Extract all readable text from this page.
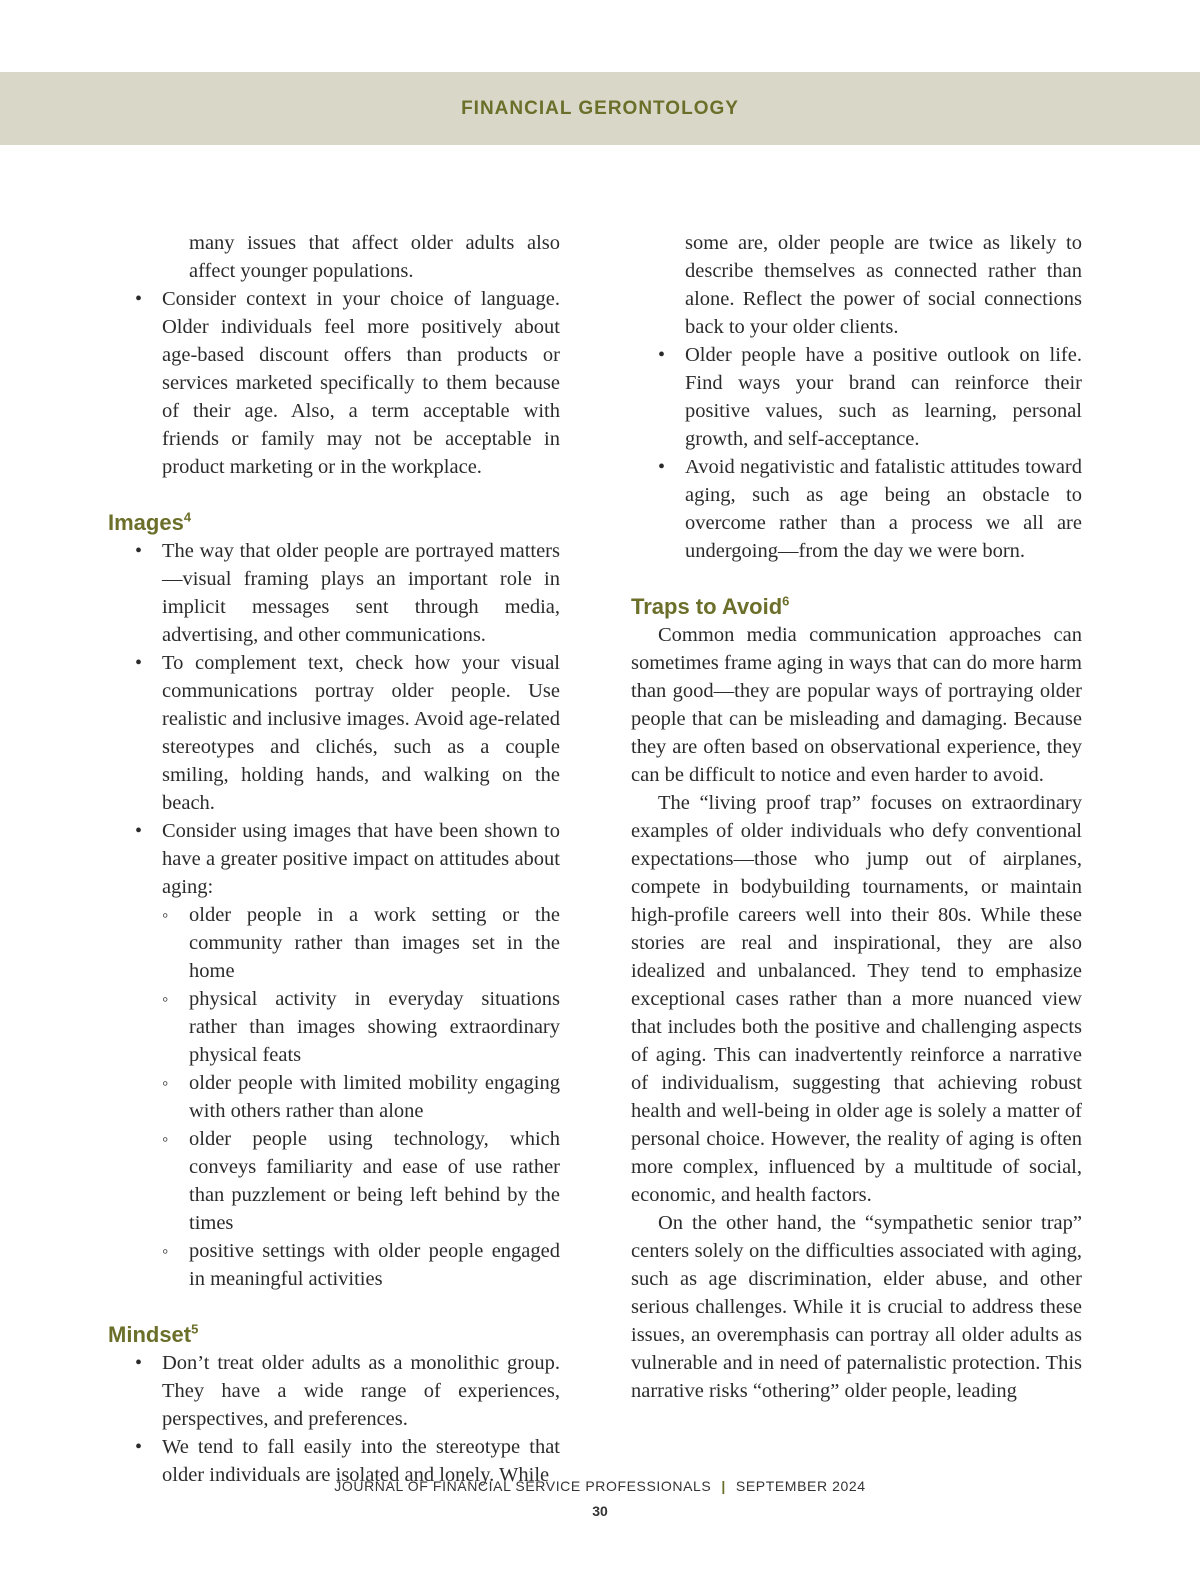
FINANCIAL GERONTOLOGY

many issues that affect older adults also affect younger populations.

• Consider context in your choice of language. Older individuals feel more positively about age-based discount offers than products or services marketed specifically to them because of their age. Also, a term acceptable with friends or family may not be acceptable in product marketing or in the workplace.
Images$^4$
• The way that older people are portrayed matters—visual framing plays an important role in implicit messages sent through media, advertising, and other communications.
• To complement text, check how your visual communications portray older people. Use realistic and inclusive images. Avoid age-related stereotypes and clichés, such as a couple smiling, holding hands, and walking on the beach.
• Consider using images that have been shown to have a greater positive impact on attitudes about aging:
◦ older people in a work setting or the community rather than images set in the home
◦ physical activity in everyday situations rather than images showing extraordinary physical feats
◦ older people with limited mobility engaging with others rather than alone
◦ older people using technology, which conveys familiarity and ease of use rather than puzzlement or being left behind by the times
◦ positive settings with older people engaged in meaningful activities
Mindset$^5$
• Don’t treat older adults as a monolithic group. They have a wide range of experiences, perspectives, and preferences.
• We tend to fall easily into the stereotype that older individuals are isolated and lonely. While

some are, older people are twice as likely to describe themselves as connected rather than alone. Reflect the power of social connections back to your older clients.

• Older people have a positive outlook on life. Find ways your brand can reinforce their positive values, such as learning, personal growth, and self-acceptance.
• Avoid negativistic and fatalistic attitudes toward aging, such as age being an obstacle to overcome rather than a process we all are undergoing—from the day we were born.
Traps to Avoid$^6$

Common media communication approaches can sometimes frame aging in ways that can do more harm than good—they are popular ways of portraying older people that can be misleading and damaging. Because they are often based on observational experience, they can be difficult to notice and even harder to avoid.

The “living proof trap” focuses on extraordinary examples of older individuals who defy conventional expectations—those who jump out of airplanes, compete in bodybuilding tournaments, or maintain high-profile careers well into their 80s. While these stories are real and inspirational, they are also idealized and unbalanced. They tend to emphasize exceptional cases rather than a more nuanced view that includes both the positive and challenging aspects of aging. This can inadvertently reinforce a narrative of individualism, suggesting that achieving robust health and well-being in older age is solely a matter of personal choice. However, the reality of aging is often more complex, influenced by a multitude of social, economic, and health factors.

On the other hand, the “sympathetic senior trap” centers solely on the difficulties associated with aging, such as age discrimination, elder abuse, and other serious challenges. While it is crucial to address these issues, an overemphasis can portray all older adults as vulnerable and in need of paternalistic protection. This narrative risks “othering” older people, leading

JOURNAL OF FINANCIAL SERVICE PROFESSIONALS | SEPTEMBER 2024
30
